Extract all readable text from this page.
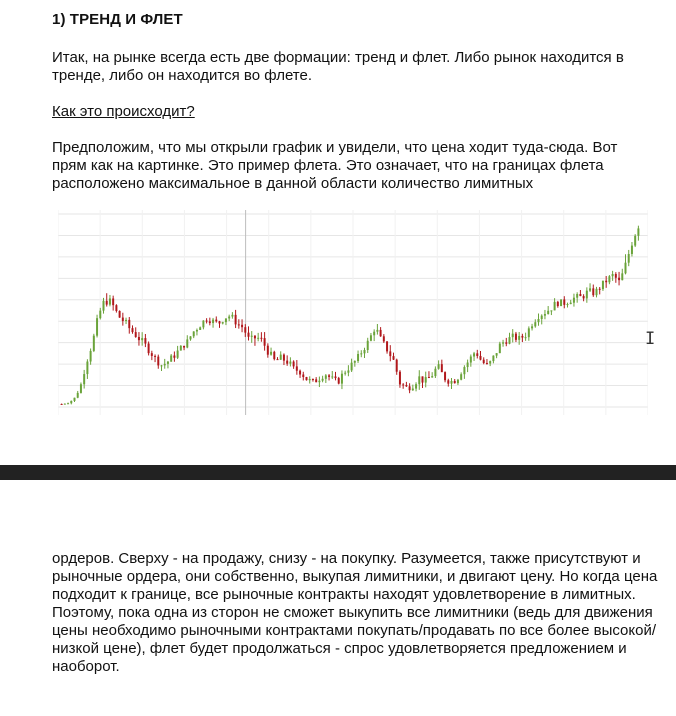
1) ТРЕНД И ФЛЕТ

Итак, на рынке всегда есть две формации: тренд и флет. Либо рынок находится в тренде, либо он находится во флете.

Как это происходит?

Предположим, что мы открыли график и увидели, что цена ходит туда-сюда. Вот прям как на картинке. Это пример флета. Это означает, что на границах флета расположено максимальное в данной области количество лимитных

I

ордеров. Сверху - на продажу, снизу - на покупку. Разумеется, также присутствуют и рыночные ордера, они собственно, выкупая лимитники, и двигают цену. Но когда цена подходит к границе, все рыночные контракты находят удовлетворение в лимитных. Поэтому, пока одна из сторон не сможет выкупить все лимитники (ведь для движения цены необходимо рыночными контрактами покупать/продавать по все более высокой/низкой цене), флет будет продолжаться - спрос удовлетворяется предложением и наоборот.
